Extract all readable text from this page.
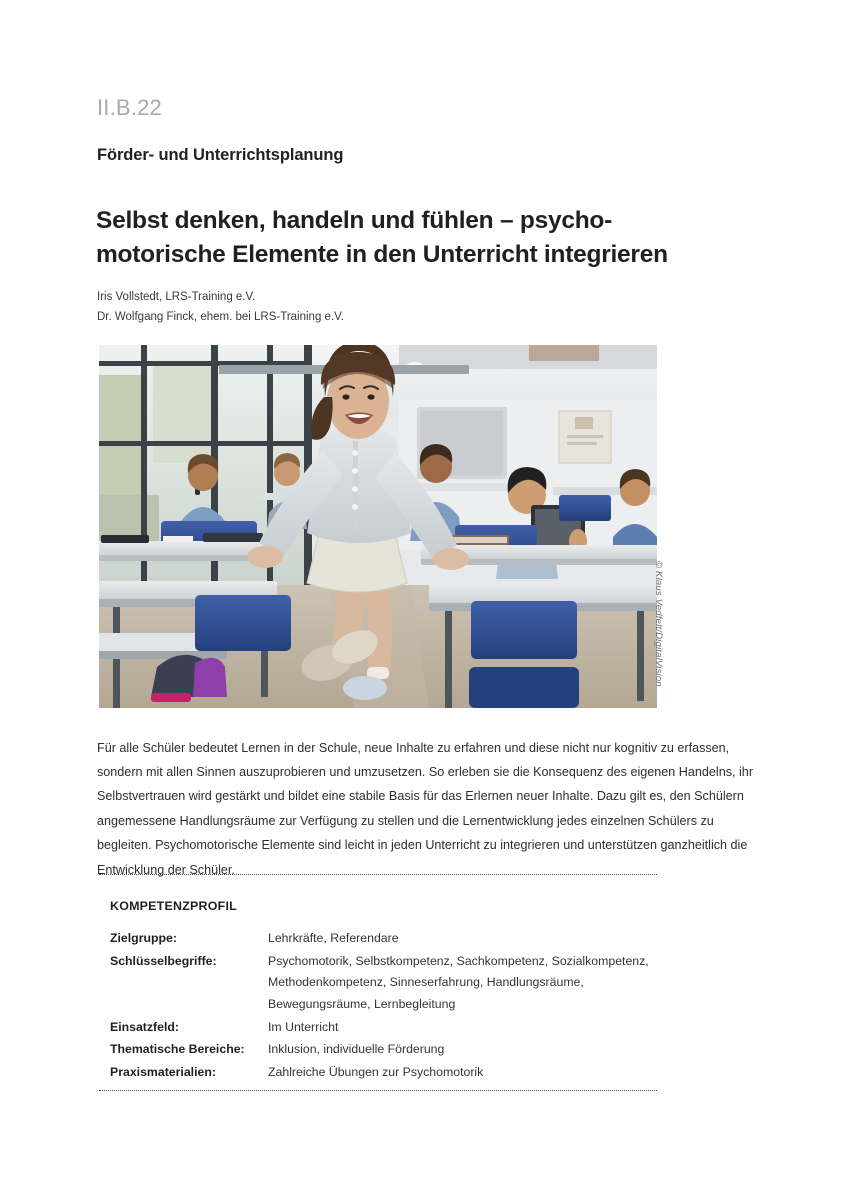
II.B.22
Förder- und Unterrichtsplanung
Selbst denken, handeln und fühlen – psycho-motorische Elemente in den Unterricht integrieren
Iris Vollstedt, LRS-Training e.V.
Dr. Wolfgang Finck, ehem. bei LRS-Training e.V.
© Klaus Vedfelt/DigitalVision

Für alle Schüler bedeutet Lernen in der Schule, neue Inhalte zu erfahren und diese nicht nur kognitiv zu erfassen, sondern mit allen Sinnen auszuprobieren und umzusetzen. So erleben sie die Konsequenz des eigenen Handelns, ihr Selbstvertrauen wird gestärkt und bildet eine stabile Basis für das Erlernen neuer Inhalte. Dazu gilt es, den Schülern angemessene Handlungsräume zur Verfügung zu stellen und die Lernentwicklung jedes einzelnen Schülers zu begleiten. Psychomotorische Elemente sind leicht in jeden Unterricht zu integrieren und unterstützen ganzheitlich die Entwicklung der Schüler.

KOMPETENZPROFIL
Zielgruppe:	Lehrkräfte, Referendare
Schlüsselbegriffe:	Psychomotorik, Selbstkompetenz, Sachkompetenz, Sozialkompetenz, Methodenkompetenz, Sinneserfahrung, Handlungsräume, Bewegungsräume, Lernbegleitung
Einsatzfeld:	Im Unterricht
Thematische Bereiche:	Inklusion, individuelle Förderung
Praxismaterialien:	Zahlreiche Übungen zur Psychomotorik
